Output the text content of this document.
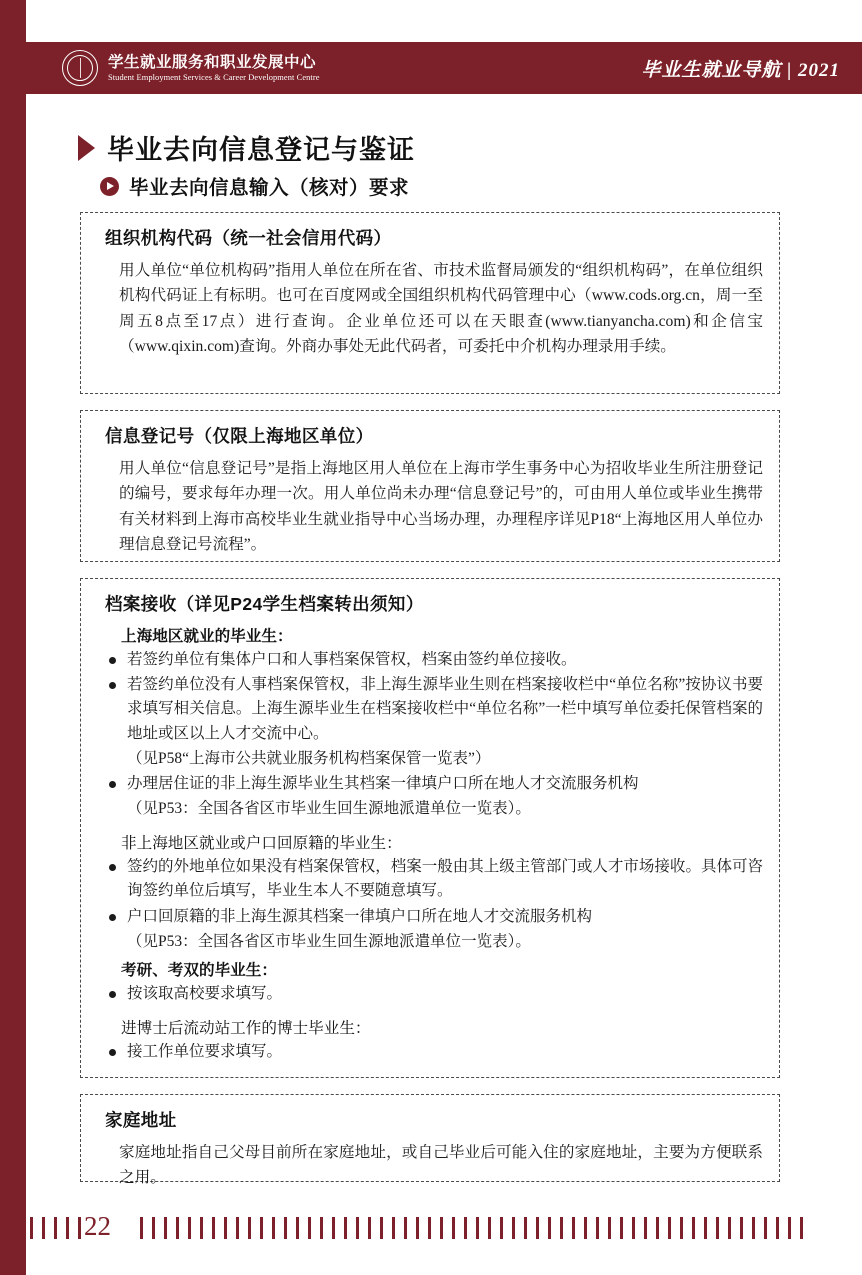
学生就业服务和职业发展中心
Student Employment Services & Career Development Centre	毕业生就业导航 | 2021
毕业去向信息登记与鉴证
毕业去向信息输入（核对）要求
组织机构代码（统一社会信用代码）

用人单位“单位机构码”指用人单位在所在省、市技术监督局颁发的“组织机构码”，在单位组织机构代码证上有标明。也可在百度网或全国组织机构代码管理中心（www.cods.org.cn，周一至周五8点至17点）进行查询。企业单位还可以在天眼查(www.tianyancha.com)和企信宝（www.qixin.com)查询。外商办事处无此代码者，可委托中介机构办理录用手续。

信息登记号（仅限上海地区单位）

用人单位“信息登记号”是指上海地区用人单位在上海市学生事务中心为招收毕业生所注册登记的编号，要求每年办理一次。用人单位尚未办理“信息登记号”的，可由用人单位或毕业生携带有关材料到上海市高校毕业生就业指导中心当场办理，办理程序详见P18“上海地区用人单位办理信息登记号流程”。

档案接收（详见P24学生档案转出须知）
上海地区就业的毕业生：
若签约单位有集体户口和人事档案保管权，档案由签约单位接收。
若签约单位没有人事档案保管权，非上海生源毕业生则在档案接收栏中“单位名称”按协议书要求填写相关信息。上海生源毕业生在档案接收栏中“单位名称”一栏中填写单位委托保管档案的地址或区以上人才交流中心。
（见P58“上海市公共就业服务机构档案保管一览表”）
办理居住证的非上海生源毕业生其档案一律填户口所在地人才交流服务机构
（见P53：全国各省区市毕业生回生源地派遣单位一览表）。
非上海地区就业或户口回原籍的毕业生：
签约的外地单位如果没有档案保管权，档案一般由其上级主管部门或人才市场接收。具体可咨询签约单位后填写，毕业生本人不要随意填写。
户口回原籍的非上海生源其档案一律填户口所在地人才交流服务机构
（见P53：全国各省区市毕业生回生源地派遣单位一览表）。
考研、考双的毕业生：
按该取高校要求填写。
进博士后流动站工作的博士毕业生：
接工作单位要求填写。
家庭地址

家庭地址指自己父母目前所在家庭地址，或自己毕业后可能入住的家庭地址，主要为方便联系之用。

22
